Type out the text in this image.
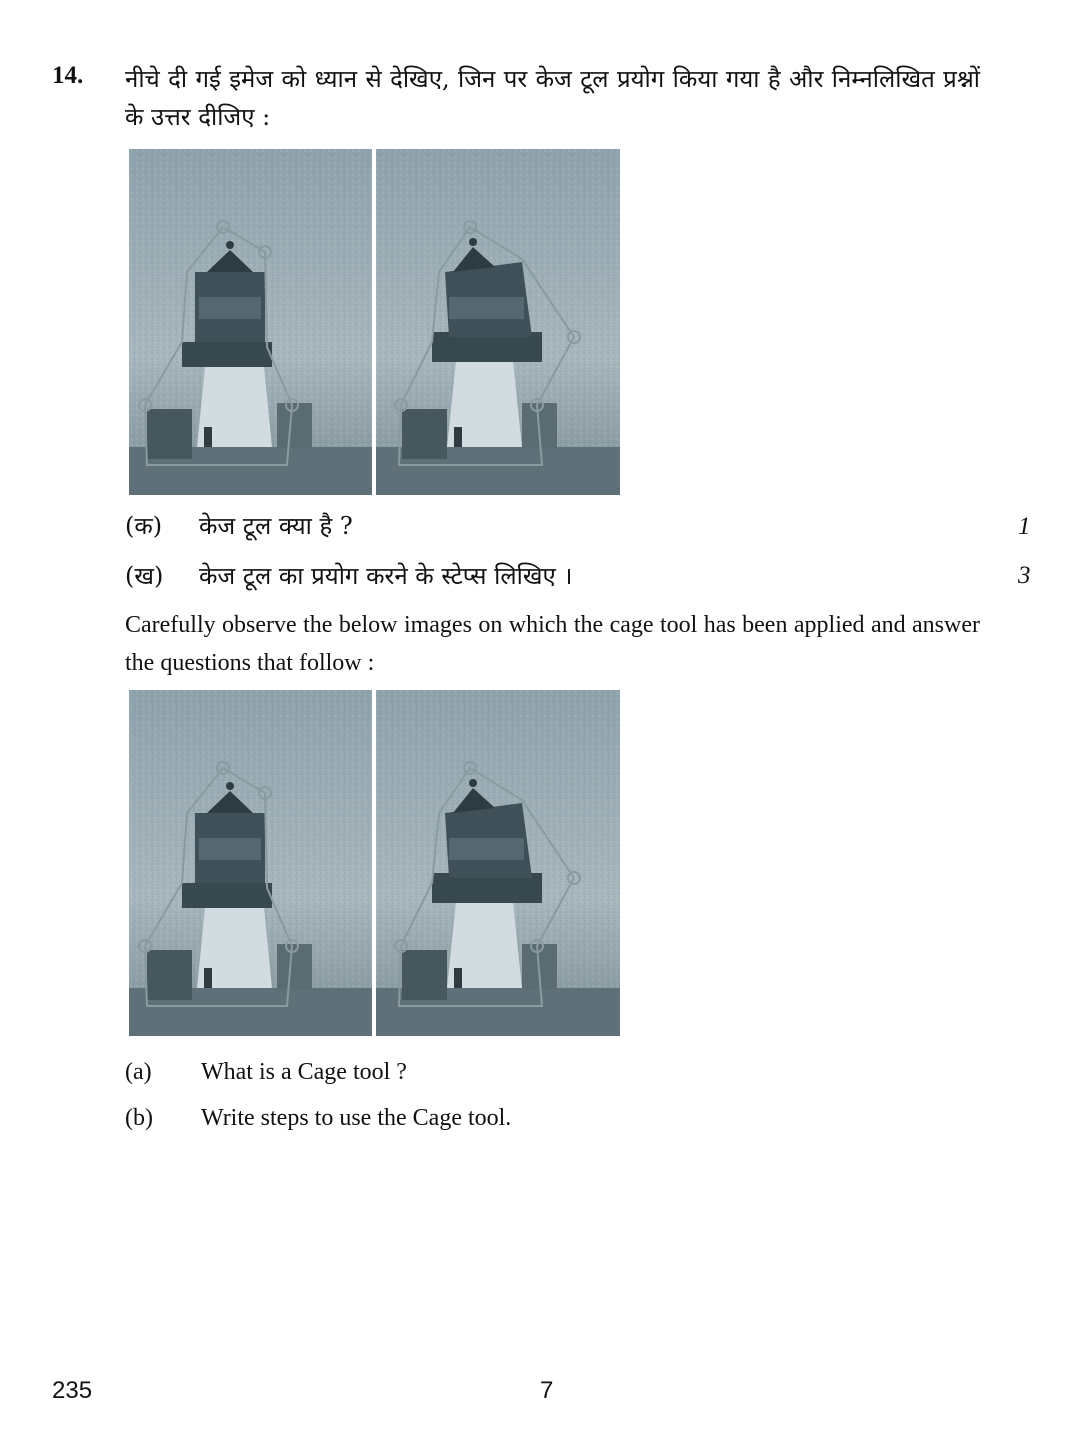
14. नीचे दी गई इमेज को ध्यान से देखिए, जिन पर केज टूल प्रयोग किया गया है और निम्नलिखित प्रश्नों के उत्तर दीजिए :
(क) केज टूल क्या है ?	1
(ख) केज टूल का प्रयोग करने के स्टेप्स लिखिए ।	3
Carefully observe the below images on which the cage tool has been applied and answer the questions that follow :
(a) What is a Cage tool ?
(b) Write steps to use the Cage tool.
235	7
